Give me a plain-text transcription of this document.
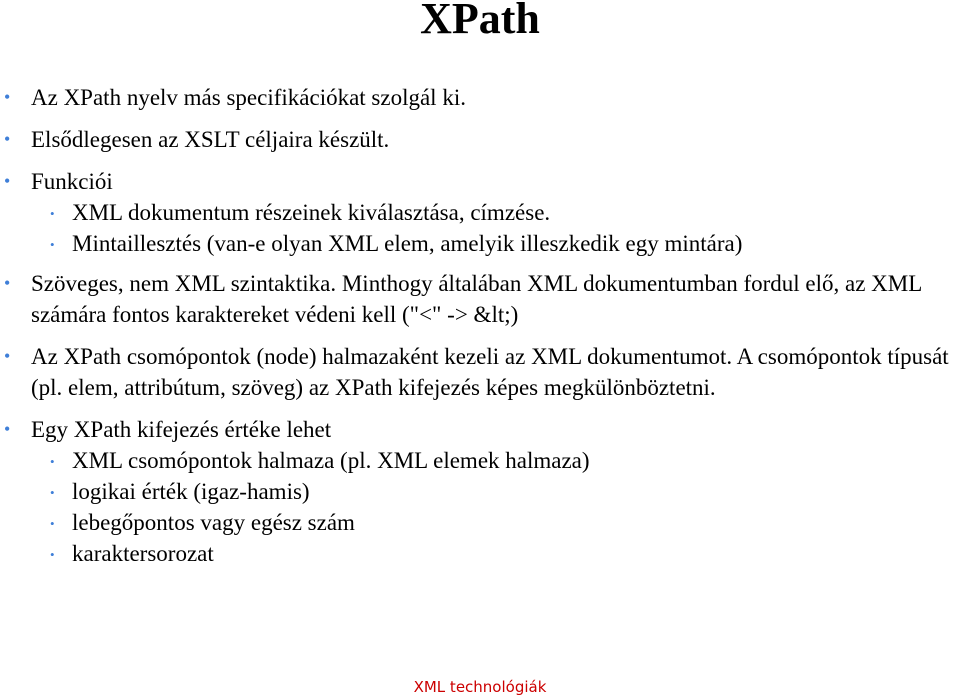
XPath
• Az XPath nyelv más specifikációkat szolgál ki.
• Elsődlegesen az XSLT céljaira készült.
• Funkciói
• XML dokumentum részeinek kiválasztása, címzése.
• Mintaillesztés (van-e olyan XML elem, amelyik illeszkedik egy mintára)
• Szöveges, nem XML szintaktika. Minthogy általában XML dokumentumban fordul elő, az XML számára fontos karaktereket védeni kell ("<" -> &lt;)
• Az XPath csomópontok (node) halmazaként kezeli az XML dokumentumot. A csomópontok típusát (pl. elem, attribútum, szöveg) az XPath kifejezés képes megkülönböztetni.
• Egy XPath kifejezés értéke lehet
• XML csomópontok halmaza (pl. XML elemek halmaza)
• logikai érték (igaz-hamis)
• lebegőpontos vagy egész szám
• karaktersorozat
XML technológiák
